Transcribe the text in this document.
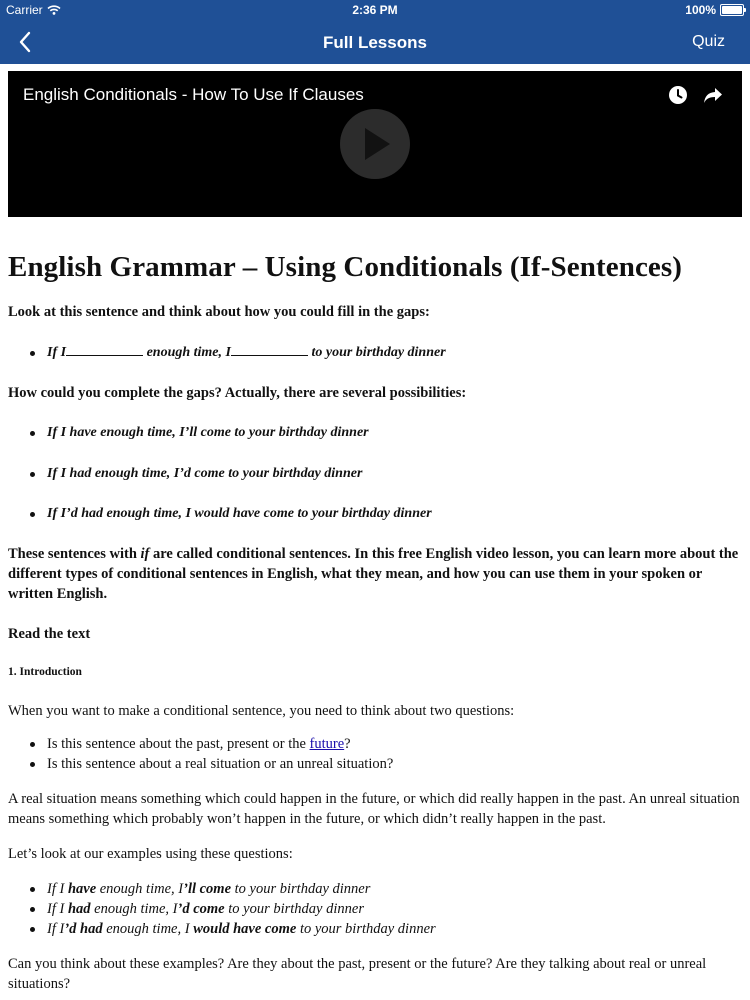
Carrier	2:36 PM	100%
Full Lessons	Quiz
English Conditionals - How To Use If Clauses
English Grammar – Using Conditionals (If-Sentences)

Look at this sentence and think about how you could fill in the gaps:

If I	enough time, I	to your birthday dinner

How could you complete the gaps? Actually, there are several possibilities:

If I have enough time, I’ll come to your birthday dinner
If I had enough time, I’d come to your birthday dinner
If I’d had enough time, I would have come to your birthday dinner

These sentences with if are called conditional sentences. In this free English video lesson, you can learn more about the different types of conditional sentences in English, what they mean, and how you can use them in your spoken or written English.

Read the text

1. Introduction

When you want to make a conditional sentence, you need to think about two questions:

Is this sentence about the past, present or the future?
Is this sentence about a real situation or an unreal situation?

A real situation means something which could happen in the future, or which did really happen in the past. An unreal situation means something which probably won’t happen in the future, or which didn’t really happen in the past.

Let’s look at our examples using these questions:

If I have enough time, I’ll come to your birthday dinner
If I had enough time, I’d come to your birthday dinner
If I’d had enough time, I would have come to your birthday dinner

Can you think about these examples? Are they about the past, present or the future? Are they talking about real or unreal situations?
